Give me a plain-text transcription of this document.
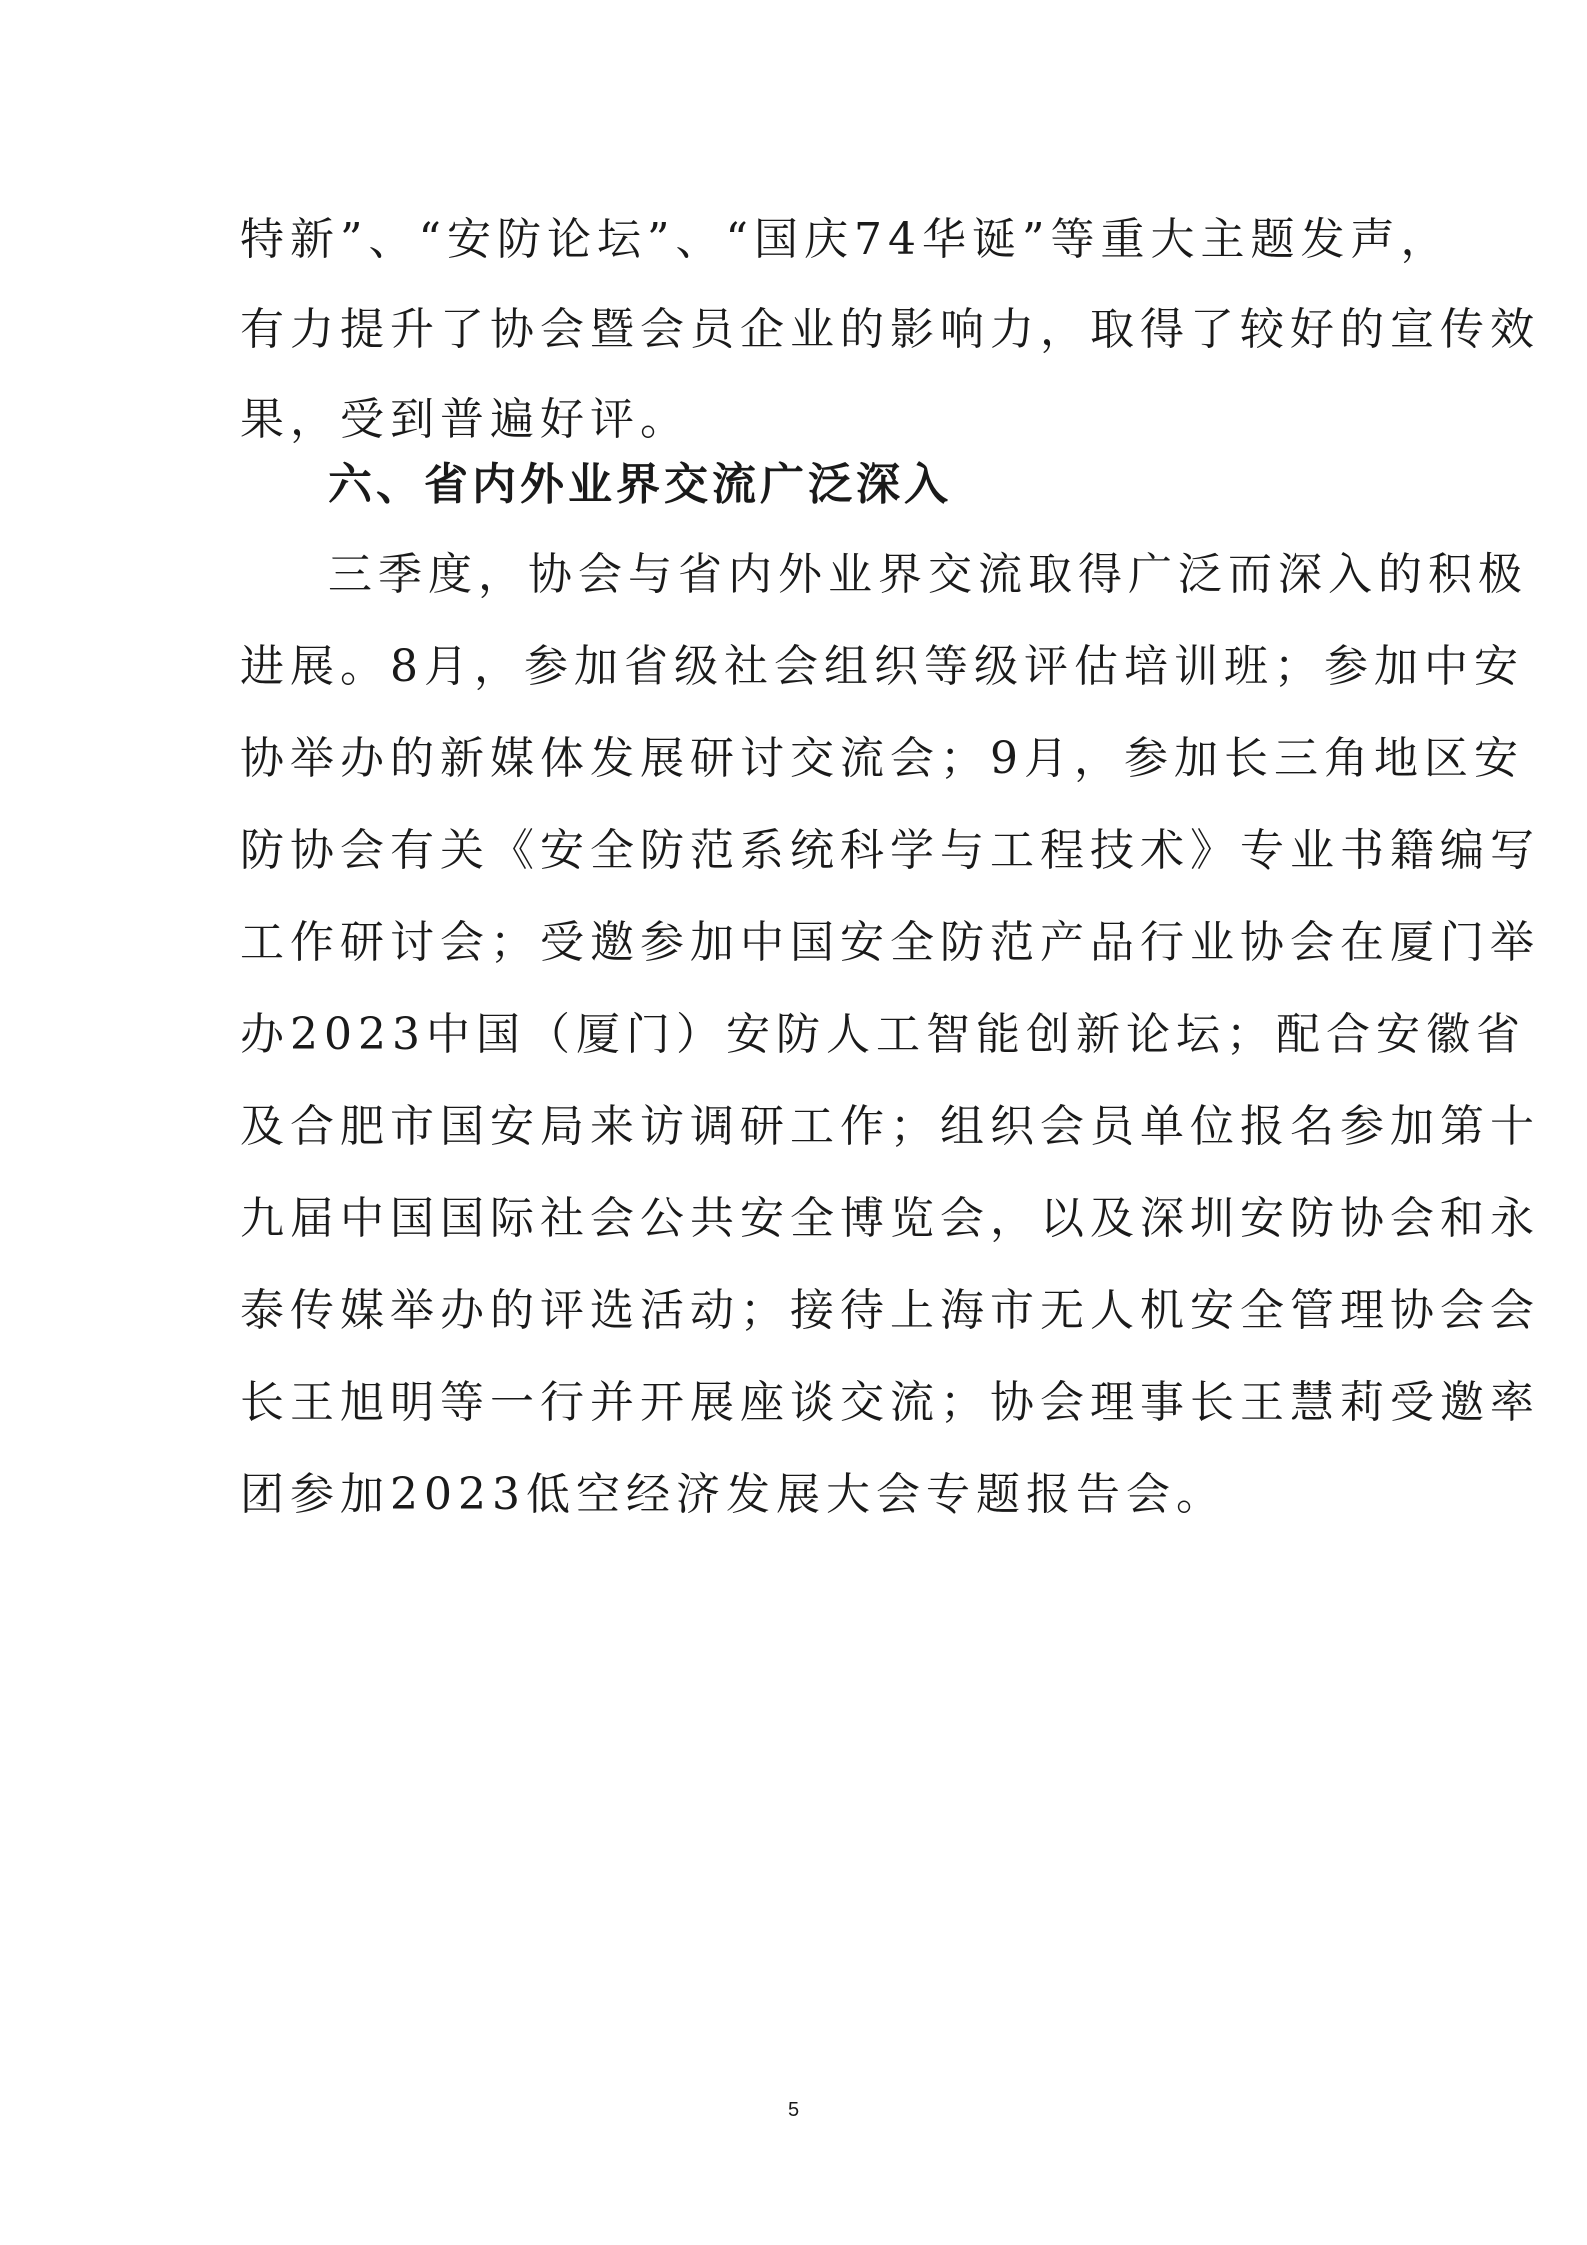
特新”、“安防论坛”、“国庆74华诞”等重大主题发声，
有力提升了协会暨会员企业的影响力，取得了较好的宣传效
果，受到普遍好评。
六、省内外业界交流广泛深入
三季度，协会与省内外业界交流取得广泛而深入的积极
进展。8月，参加省级社会组织等级评估培训班；参加中安
协举办的新媒体发展研讨交流会；9月，参加长三角地区安
防协会有关《安全防范系统科学与工程技术》专业书籍编写
工作研讨会；受邀参加中国安全防范产品行业协会在厦门举
办2023中国（厦门）安防人工智能创新论坛；配合安徽省
及合肥市国安局来访调研工作；组织会员单位报名参加第十
九届中国国际社会公共安全博览会，以及深圳安防协会和永
泰传媒举办的评选活动；接待上海市无人机安全管理协会会
长王旭明等一行并开展座谈交流；协会理事长王慧莉受邀率
团参加2023低空经济发展大会专题报告会。
5
